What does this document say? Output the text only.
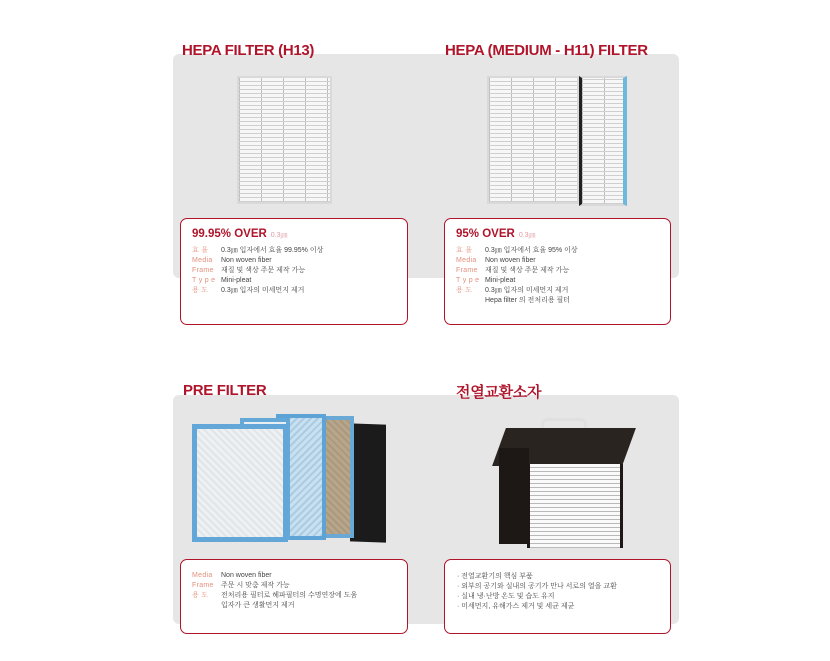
HEPA FILTER (H13)	HEPA (MEDIUM - H11) FILTER
99.95% OVER 0.3㎛
효 율	0.3㎛ 입자에서 효율 99.95% 이상
Media	Non woven fiber
Frame	재질 및 색상 주문 제작 가능
T y p e Mini-pleat
용 도	0.3㎛ 입자의 미세먼지 제거
95% OVER 0.3㎛
효 율	0.3㎛ 입자에서 효율 95% 이상
Media	Non woven fiber
Frame	재질 및 색상 주문 제작 가능
T y p e Mini-pleat
용 도	0.3㎛ 입자의 미세먼지 제거
Hepa filter 의 전처리용 필터
PRE FILTER	전열교환소자
Media	Non woven fiber
Frame	주문 시 맞춤 제작 가능
용 도	전처리용 필터로 헤파필터의 수명연장에 도움
입자가 큰 생활먼지 제거
· 전열교환기의 핵심 부품
· 외부의 공기와 실내의 공기가 만나 서로의 열을 교환
· 실내 냉·난방 온도 및 습도 유지
· 미세먼지, 유해가스 제거 및 세균 제균
